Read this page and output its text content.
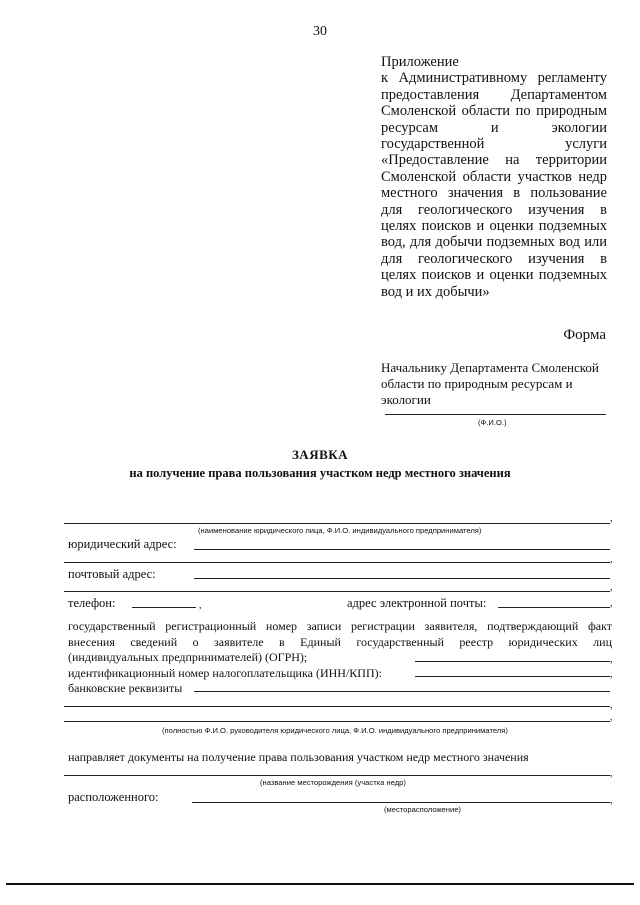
30
Приложение
к Административному регламенту
предоставления Департаментом
Смоленской области по природным
ресурсам и экологии
государственной услуги
«Предоставление на территории
Смоленской области участков недр
местного значения в пользование
для геологического изучения в
целях поисков и оценки подземных
вод, для добычи подземных вод или
для геологического изучения в
целях поисков и оценки подземных
вод и их добычи»
Форма
Начальнику Департамента Смоленской
области по природным ресурсам и
экологии
(Ф.И.О.)
ЗАЯВКА
на получение права пользования участком недр местного значения
,
(наименование юридического лица, Ф.И.О. индивидуального предпринимателя)
юридический адрес:
,
почтовый адрес:
,
телефон:	,	адрес электронной почты:	,
государственный регистрационный номер записи регистрации заявителя, подтверждающий факт
внесения сведений о заявителе в Единый государственный реестр юридических лиц
(индивидуальных предпринимателей) (ОГРН);
идентификационный номер налогоплательщика (ИНН/КПП):
банковские реквизиты
,
,
,
,
(полностью Ф.И.О. руководителя юридического лица, Ф.И.О. индивидуального предпринимателя)
направляет документы на получение права пользования участком недр местного значения
,
(название месторождения (участка недр)
расположенного:	,
(месторасположение)
